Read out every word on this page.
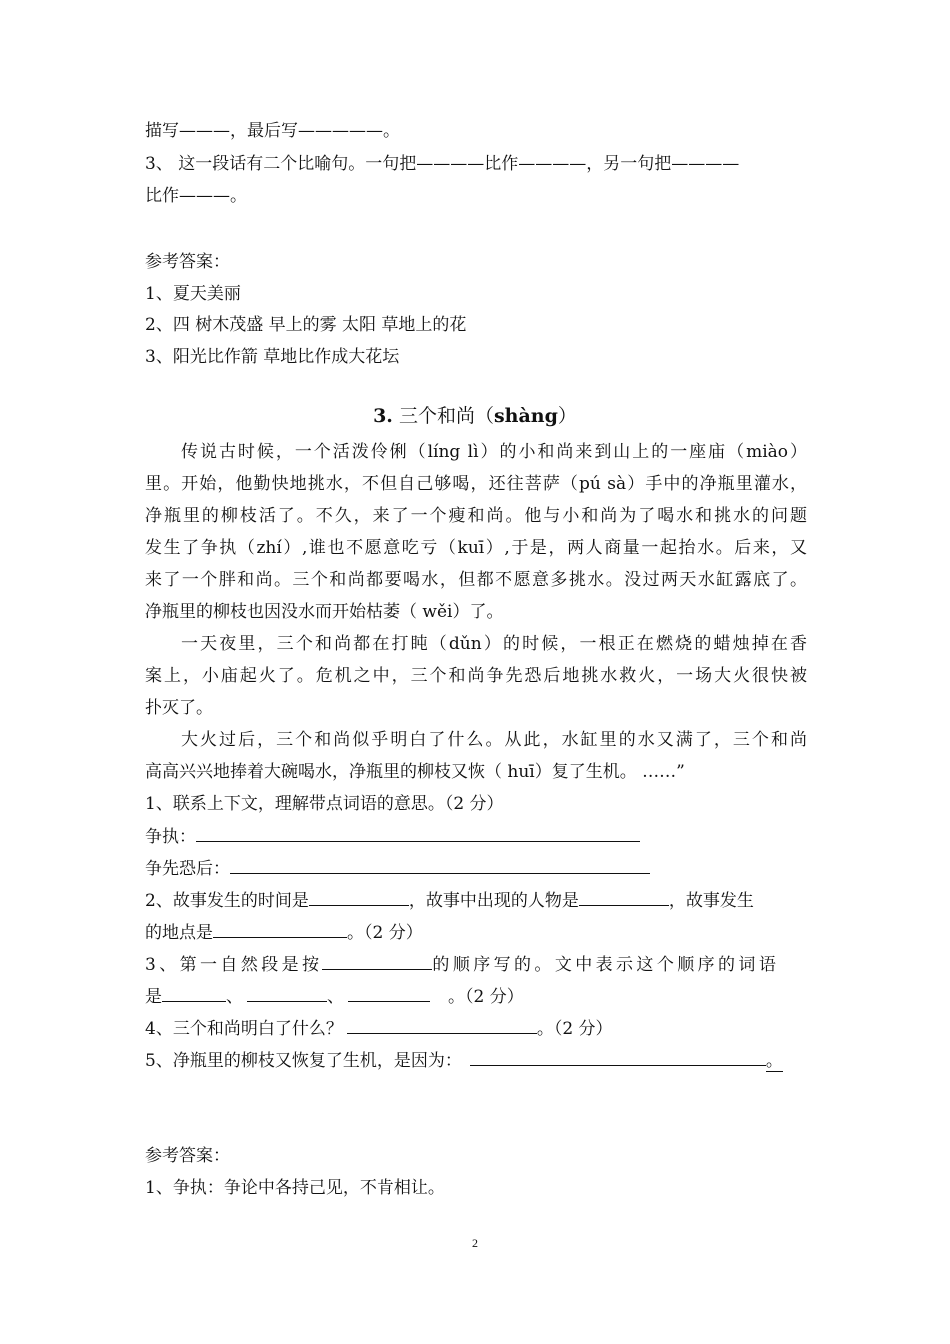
描写———，最后写—————。
3、 这一段话有二个比喻句。一句把————比作————，另一句把————
比作———。
参考答案：
1、夏天美丽
2、四 树木茂盛 早上的雾 太阳 草地上的花
3、阳光比作箭 草地比作成大花坛
3. 三个和尚（shàng）
传说古时候，一个活泼伶俐（líng lì）的小和尚来到山上的一座庙（miào）
里。开始，他勤快地挑水，不但自己够喝，还往菩萨（pú sà）手中的净瓶里灌水，
净瓶里的柳枝活了。不久，来了一个瘦和尚。他与小和尚为了喝水和挑水的问题
发生了争执（zhí）,谁也不愿意吃亏（kuī）,于是，两人商量一起抬水。后来，又
来了一个胖和尚。三个和尚都要喝水，但都不愿意多挑水。没过两天水缸露底了。
净瓶里的柳枝也因没水而开始枯萎（ wěi）了。
一天夜里，三个和尚都在打盹（dǔn）的时候，一根正在燃烧的蜡烛掉在香
案上，小庙起火了。危机之中，三个和尚争先恐后地挑水救火，一场大火很快被
扑灭了。
大火过后，三个和尚似乎明白了什么。从此，水缸里的水又满了，三个和尚
高高兴兴地捧着大碗喝水，净瓶里的柳枝又恢（ huī）复了生机。 ……”
1、联系上下文，理解带点词语的意思。（2 分）
争执：
争先恐后：
2、故事发生的时间是	，故事中出现的人物是	，故事发生
的地点是	。（2 分）
3、第一自然段是按	的顺序写的。文中表示这个顺序的词语
是	、	、	。（2 分）
4、三个和尚明白了什么？	。（2 分）
5、净瓶里的柳枝又恢复了生机，是因为：	。
参考答案：
1、争执：争论中各持己见，不肯相让。
2
